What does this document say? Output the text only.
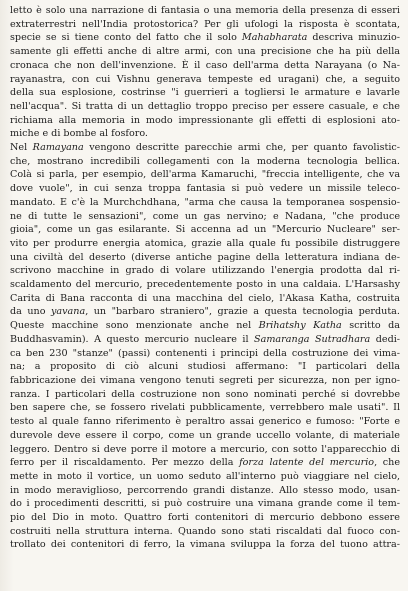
letto è solo una narrazione di fantasia o una memoria della presenza di esseri
extraterrestri nell'India protostorica? Per gli ufologi la risposta è scontata,
specie se si tiene conto del fatto che il solo Mahabharata descriva minuzio-
samente gli effetti anche di altre armi, con una precisione che ha più della
cronaca che non dell'invenzione. È il caso dell'arma detta Narayana (o Na-
rayanastra, con cui Vishnu generava tempeste ed uragani) che, a seguito
della sua esplosione, costrinse "i guerrieri a togliersi le armature e lavarle
nell'acqua". Si tratta di un dettaglio troppo preciso per essere casuale, e che
richiama alla memoria in modo impressionante gli effetti di esplosioni ato-
miche e di bombe al fosforo.

Nel Ramayana vengono descritte parecchie armi che, per quanto favolistic-
che, mostrano incredibili collegamenti con la moderna tecnologia bellica.
Colà si parla, per esempio, dell'arma Kamaruchi, "freccia intelligente, che va
dove vuole", in cui senza troppa fantasia si può vedere un missile teleco-
mandato. E c'è la Murchchdhana, "arma che causa la temporanea sospensio-
ne di tutte le sensazioni", come un gas nervino; e Nadana, "che produce
gioia", come un gas esilarante. Si accenna ad un "Mercurio Nucleare" ser-
vito per produrre energia atomica, grazie alla quale fu possibile distruggere
una civiltà del deserto (diverse antiche pagine della letteratura indiana de-
scrivono macchine in grado di volare utilizzando l'energia prodotta dal ri-
scaldamento del mercurio, precedentemente posto in una caldaia. L'Harsashy
Carita di Bana racconta di una macchina del cielo, l'Akasa Katha, costruita
da uno yavana, un "barbaro straniero", grazie a questa tecnologia perduta.
Queste macchine sono menzionate anche nel Brihatshy Katha scritto da
Buddhasvamin). A questo mercurio nucleare il Samaranga Sutradhara dedi-
ca ben 230 "stanze" (passi) contenenti i principi della costruzione dei vima-
na; a proposito di ciò alcuni studiosi affermano: "I particolari della
fabbricazione dei vimana vengono tenuti segreti per sicurezza, non per igno-
ranza. I particolari della costruzione non sono nominati perché si dovrebbe
ben sapere che, se fossero rivelati pubblicamente, verrebbero male usati". Il
testo al quale fanno riferimento è peraltro assai generico e fumoso: "Forte e
durevole deve essere il corpo, come un grande uccello volante, di materiale
leggero. Dentro si deve porre il motore a mercurio, con sotto l'apparecchio di
ferro per il riscaldamento. Per mezzo della forza latente del mercurio, che
mette in moto il vortice, un uomo seduto all'interno può viaggiare nel cielo,
in modo meraviglioso, percorrendo grandi distanze. Allo stesso modo, usan-
do i procedimenti descritti, si può costruire una vimana grande come il tem-
pio del Dio in moto. Quattro forti contenitori di mercurio debbono essere
costruiti nella struttura interna. Quando sono stati riscaldati dal fuoco con-
trollato dei contenitori di ferro, la vimana sviluppa la forza del tuono attra-
